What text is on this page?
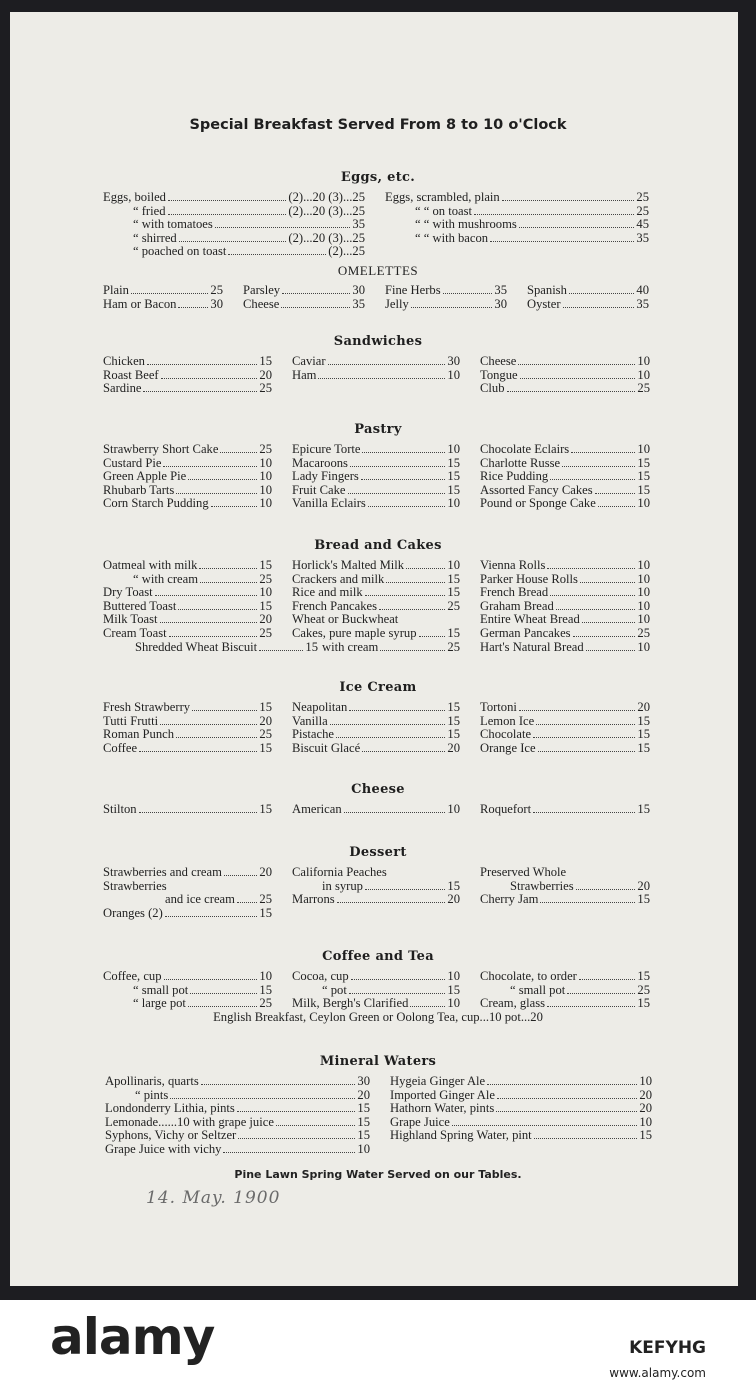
Special Breakfast Served From 8 to 10 o'Clock
Eggs, etc.
Eggs, boiled	(2)...20 (3)...25
“ fried	(2)...20 (3)...25
“ with tomatoes	35
“ shirred	(2)...20 (3)...25
“ poached on toast	(2)...25
Eggs, scrambled, plain	25
“ “ on toast	25
“ “ with mushrooms	45
“ “ with bacon	35
OMELETTES
Plain	25
Ham or Bacon	30
Parsley	30
Cheese	35
Fine Herbs	35
Jelly	30
Spanish	40
Oyster	35
Sandwiches
Chicken	15
Roast Beef	20
Sardine	25
Caviar	30
Ham	10
Cheese	10
Tongue	10
Club	25
Pastry
Strawberry Short Cake	25
Custard Pie	10
Green Apple Pie	10
Rhubarb Tarts	10
Corn Starch Pudding	10
Epicure Torte	10
Macaroons	15
Lady Fingers	15
Fruit Cake	15
Vanilla Eclairs	10
Chocolate Eclairs	10
Charlotte Russe	15
Rice Pudding	15
Assorted Fancy Cakes	15
Pound or Sponge Cake	10
Bread and Cakes
Oatmeal with milk	15
“ with cream	25
Dry Toast	10
Buttered Toast	15
Milk Toast	20
Cream Toast	25
Horlick's Malted Milk	10
Crackers and milk	15
Rice and milk	15
French Pancakes	25
Wheat or Buckwheat
Cakes, pure maple syrup 15
with cream	25
Vienna Rolls	10
Parker House Rolls	10
French Bread	10
Graham Bread	10
Entire Wheat Bread	10
German Pancakes	25
Hart's Natural Bread	10
Shredded Wheat Biscuit	15
Ice Cream
Fresh Strawberry	15
Tutti Frutti	20
Roman Punch	25
Coffee	15
Neapolitan	15
Vanilla	15
Pistache	15
Biscuit Glacé	20
Tortoni	20
Lemon Ice	15
Chocolate	15
Orange Ice	15
Cheese
Stilton	15 American	10 Roquefort	15
Dessert
Strawberries and cream	20
Strawberries
and ice cream 25
Oranges (2)	15
California Peaches
in syrup	15
Marrons	20
Preserved Whole
Strawberries	20
Cherry Jam	15
Coffee and Tea
Coffee, cup	10
“ small pot	15
“ large pot	25
Cocoa, cup	10
“ pot	15
Milk, Bergh's Clarified	10
Chocolate, to order	15
“ small pot	25
Cream, glass	15
English Breakfast, Ceylon Green or Oolong Tea, cup...10 pot...20
Mineral Waters
Apollinaris, quarts	30
“ pints	20
Londonderry Lithia, pints	15
Lemonade......10 with grape juice	15
Syphons, Vichy or Seltzer	15
Grape Juice with vichy	10
Hygeia Ginger Ale	10
Imported Ginger Ale	20
Hathorn Water, pints	20
Grape Juice	10
Highland Spring Water, pint	15
Pine Lawn Spring Water Served on our Tables.
14. May. 1900
alamy	KEFYHG
www.alamy.com
